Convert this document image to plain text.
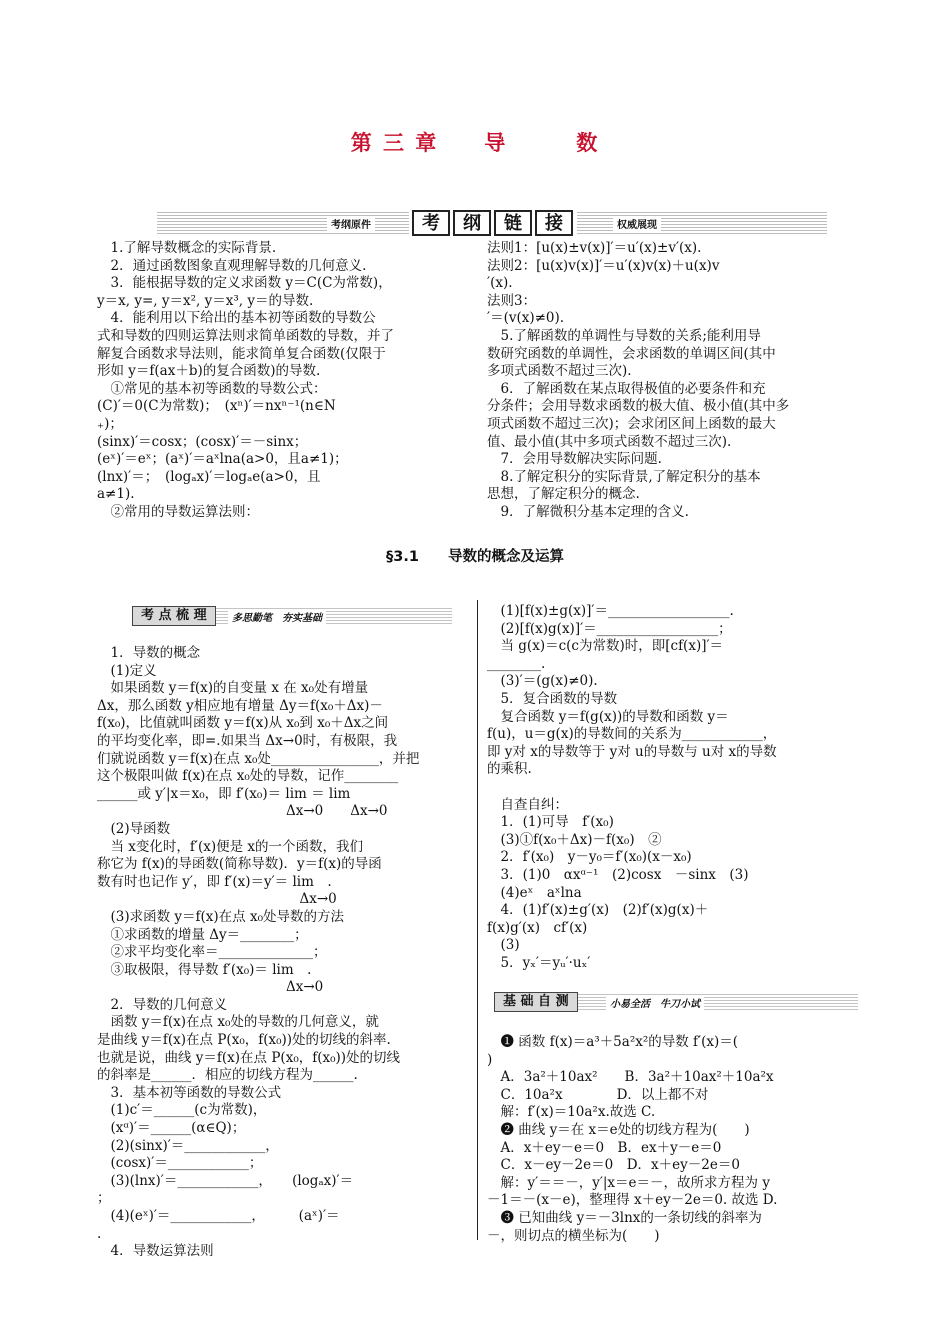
第 三 章　　导　　　数
考纲原件	考	纲	链	接	权威展现
　1.了解导数概念的实际背景.
　2．通过函数图象直观理解导数的几何意义.
　3．能根据导数的定义求函数 y＝C(C为常数)，
y＝x, y=, y＝x², y＝x³, y＝的导数.
　4．能利用以下给出的基本初等函数的导数公
式和导数的四则运算法则求简单函数的导数，并了
解复合函数求导法则，能求简单复合函数(仅限于
形如 y＝f(ax＋b)的复合函数)的导数.
　①常见的基本初等函数的导数公式：
(C)′＝0(C为常数)；　(xⁿ)′＝nxⁿ⁻¹(n∈N
₊)；
(sinx)′＝cosx；(cosx)′＝－sinx；
(eˣ)′＝eˣ；(aˣ)′＝aˣlna(a>0，且a≠1)；
(lnx)′＝；　(logₐx)′＝logₐe(a>0，且
a≠1).
　②常用的导数运算法则：
法则1：[u(x)±v(x)]′＝u′(x)±v′(x).
法则2：[u(x)v(x)]′＝u′(x)v(x)＋u(x)v
′(x).
法则3：
′＝(v(x)≠0).
　5.了解函数的单调性与导数的关系;能利用导
数研究函数的单调性，会求函数的单调区间(其中
多项式函数不超过三次).
　6．了解函数在某点取得极值的必要条件和充
分条件；会用导数求函数的极大值、极小值(其中多
项式函数不超过三次)；会求闭区间上函数的最大
值、最小值(其中多项式函数不超过三次).
　7．会用导数解决实际问题.
　8.了解定积分的实际背景,了解定积分的基本
思想，了解定积分的概念.
　9．了解微积分基本定理的含义.
§3.1　　导数的概念及运算
考 点 梳 理	多思勤笔　夯实基础
　1．导数的概念
　(1)定义
　如果函数 y＝f(x)的自变量 x 在 x₀处有增量
Δx，那么函数 y相应地有增量 Δy＝f(x₀＋Δx)－
f(x₀)，比值就叫函数 y＝f(x)从 x₀到 x₀＋Δx之间
的平均变化率，即=.如果当 Δx→0时，有极限，我
们就说函数 y＝f(x)在点 x₀处________________，并把
这个极限叫做 f(x)在点 x₀处的导数，记作________
______或 y′|x＝x₀，即 f′(x₀)＝ lim ＝ lim
　　　　　　　　　　　　　　Δx→0　　Δx→0
　(2)导函数
　当 x变化时，f′(x)便是 x的一个函数，我们
称它为 f(x)的导函数(简称导数)．y＝f(x)的导函
数有时也记作 y′，即 f′(x)＝y′＝ lim　.
　　　　　　　　　　　　　　　Δx→0
　(3)求函数 y＝f(x)在点 x₀处导数的方法
　①求函数的增量 Δy＝________；
　②求平均变化率＝______________；
　③取极限，得导数 f′(x₀)＝ lim　.
　　　　　　　　　　　　　　Δx→0
　2．导数的几何意义
　函数 y＝f(x)在点 x₀处的导数的几何意义，就
是曲线 y＝f(x)在点 P(x₀，f(x₀))处的切线的斜率.
也就是说，曲线 y＝f(x)在点 P(x₀，f(x₀))处的切线
的斜率是______．相应的切线方程为______.
　3．基本初等函数的导数公式
　(1)c′＝______(c为常数)，
　(xᵅ)′＝______(α∈Q)；
　(2)(sinx)′＝____________，
　(cosx)′＝____________；
　(3)(lnx)′＝____________，　　(logₐx)′＝
；
　(4)(eˣ)′＝____________，　　　(aˣ)′＝
.
　4．导数运算法则
　(1)[f(x)±g(x)]′＝__________________.
　(2)[f(x)g(x)]′＝__________________；
　当 g(x)＝c(c为常数)时，即[cf(x)]′＝
________.
　(3)′＝(g(x)≠0).
　5．复合函数的导数
　复合函数 y＝f(g(x))的导数和函数 y＝
f(u)，u＝g(x)的导数间的关系为____________，
即 y对 x的导数等于 y对 u的导数与 u对 x的导数
的乘积.

　自查自纠：
　1．(1)可导　f′(x₀)
　(3)①f(x₀＋Δx)－f(x₀)　②
　2．f′(x₀)　y－y₀＝f′(x₀)(x－x₀)
　3．(1)0　αxᵅ⁻¹　(2)cosx　－sinx　(3)
　(4)eˣ　aˣlna
　4．(1)f′(x)±g′(x)　(2)f′(x)g(x)＋
f(x)g′(x)　cf′(x)
　(3)
　5．yₓ′＝yᵤ′·uₓ′
基 础 自 测	小易全活　牛刀小试
　❶ 函数 f(x)＝a³＋5a²x²的导数 f′(x)＝(
)
　A．3a²＋10ax²　　B．3a²＋10ax²＋10a²x
　C．10a²x　　　　D．以上都不对
　解：f′(x)＝10a²x.故选 C.
　❷ 曲线 y＝在 x＝e处的切线方程为(　　)
　A．x＋ey－e＝0　B．ex＋y－e＝0
　C．x－ey－2e＝0　D．x＋ey－2e＝0
　解：y′＝＝－，y′|x＝e＝－，故所求方程为 y
－1＝－(x－e)，整理得 x＋ey－2e＝0. 故选 D.
　❸ 已知曲线 y＝－3lnx的一条切线的斜率为
－，则切点的横坐标为(　　)
